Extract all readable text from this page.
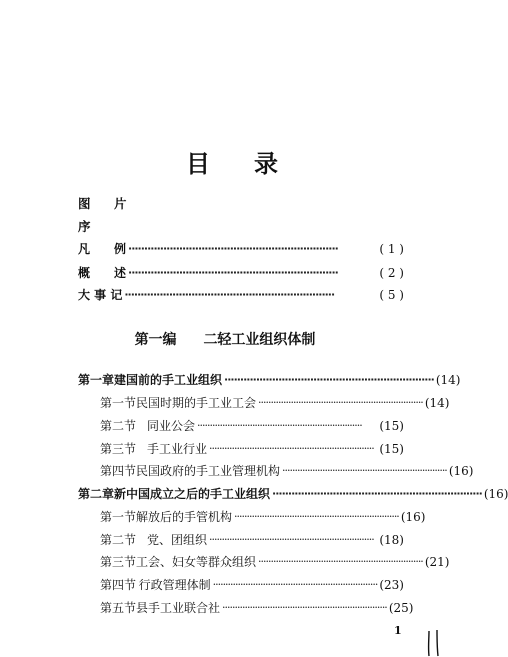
目 录
图 片
序
凡	例 ··································································	( 1 )
概	述 ··································································	( 2 )
大 事 记 ··································································	( 5 )
第一编 二轻工业组织体制
第一章 建国前的手工业组织 ·································································· (14)
第一节 民国时期的手工业工会 ·································································· (14)
第二节 同业公会 ··································································	(15)
第三节 手工业行业 ·································································· (15)
第四节 民国政府的手工业管理机构 ·································································· (16)
第二章 新中国成立之后的手工业组织 ·································································· (16)
第一节 解放后的手管机构 ·································································· (16)
第二节 党、团组织 ·································································· (18)
第三节 工会、妇女等群众组织 ·································································· (21)
第四节 行政管理体制 ·································································· (23)
第五节 县手工业联合社 ·································································· (25)
1
